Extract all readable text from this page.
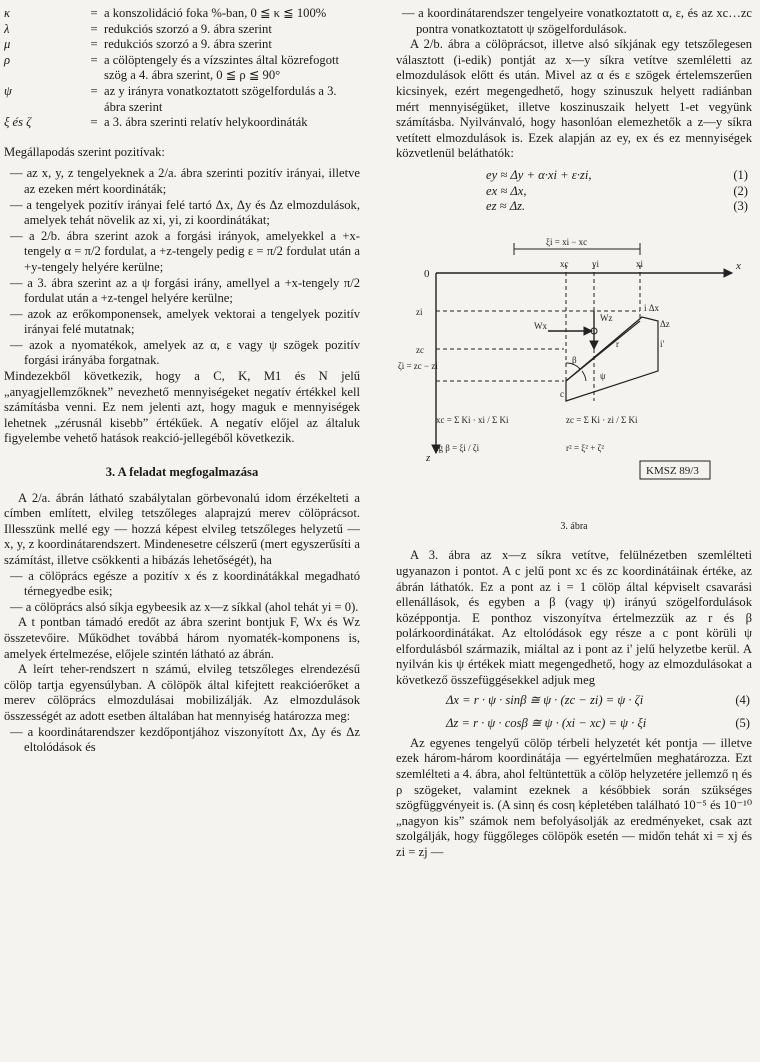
κ	= a konszolidáció foka %-ban, 0 ≦ κ ≦ 100%
λ	= redukciós szorzó a 9. ábra szerint
μ	= redukciós szorzó a 9. ábra szerint
ρ	= a cölöptengely és a vízszintes által közrefogott szög a 4. ábra szerint, 0 ≦ ρ ≦ 90°
ψ	= az y irányra vonatkoztatott szögelfordulás a 3. ábra szerint
ξ és ζ	= a 3. ábra szerinti relatív helykoordináták

Megállapodás szerint pozitívak:

— az x, y, z tengelyeknek a 2/a. ábra szerinti pozitív irányai, illetve az ezeken mért koordináták;
— a tengelyek pozitív irányai felé tartó Δx, Δy és Δz elmozdulások, amelyek tehát növelik az xi, yi, zi koordinátákat;
— a 2/b. ábra szerint azok a forgási irányok, amelyekkel a +x-tengely α = π/2 fordulat, a +z-tengely pedig ε = π/2 fordulat után a +y-tengely helyére kerülne;
— a 3. ábra szerint az a ψ forgási irány, amellyel a +x-tengely π/2 fordulat után a +z-tengel helyére kerülne;
— azok az erőkomponensek, amelyek vektorai a tengelyek pozitív irányai felé mutatnak;
— azok a nyomatékok, amelyek az α, ε vagy ψ szögek pozitív forgási irányába forgatnak.

Mindezekből következik, hogy a C, K, M1 és N jelű „anyagjellemzőknek” nevezhető mennyiségeket negatív értékkel kell számításba venni. Ez nem jelenti azt, hogy maguk e mennyiségek lehetnek „zérusnál kisebb” értékűek. A negatív előjel az általuk figyelembe vehető hatások reakció-jellegéből következik.

3. A feladat megfogalmazása

A 2/a. ábrán látható szabálytalan görbevonalú idom érzékelteti a címben említett, elvileg tetszőleges alaprajzú merev cölöprácsot. Illesszünk mellé egy — hozzá képest elvileg tetszőleges helyzetű — x, y, z koordinátarendszert. Mindenesetre célszerű (mert egyszerűsíti a számítást, illetve csökkenti a hibázás lehetőségét), ha

— a cölöprács egésze a pozitív x és z koordinátákkal megadható térnegyedbe esik;
— a cölöprács alsó síkja egybeesik az x—z síkkal (ahol tehát yi = 0).

A t pontban támadó eredőt az ábra szerint bontjuk F, Wx és Wz összetevőire. Működhet továbbá három nyomaték-komponens is, amelyek értelmezése, előjele szintén látható az ábrán.

A leírt teher-rendszert n számú, elvileg tetszőleges elrendezésű cölöp tartja egyensúlyban. A cölöpök által kifejtett reakcióerőket a merev cölöprács elmozdulásai mobilizálják. Az elmozdulások összességét az adott esetben általában hat mennyiség határozza meg:

— a koordinátarendszer kezdőpontjához viszonyított Δx, Δy és Δz eltolódások és
— a koordinátarendszer tengelyeire vonatkoztatott α, ε, és az xc…zc pontra vonatkoztatott ψ szögelfordulások.

A 2/b. ábra a cölöprácsot, illetve alsó síkjának egy tetszőlegesen választott (i-edik) pontját az x—y síkra vetítve szemléletti az elmozdulások előtt és után. Mivel az α és ε szögek értelemszerűen kicsinyek, ezért megengedhető, hogy szinuszuk helyett radiánban mért mennyiségüket, illetve koszinuszaik helyett 1-et vegyünk számításba. Nyilvánvaló, hogy hasonlóan elemezhetők a z—y síkra vetített elmozdulások is. Ezek alapján az ey, ex és ez mennyiségek közvetlenül beláthatók:

ey ≈ Δy + α·xi + ε·zi,	(1)
ex ≈ Δx,	(2)
ez ≈ Δz.	(3)
ξi = xi − xc
x
z
0
xc	yi	xi
zi
zc
ζi = zc − zi
Wz
Wx
i Δx
Δz
i'
β
ψ
r
c
xc = Σ Ki · xi / Σ Ki	zc = Σ Ki · zi / Σ Ki
tg β = ξi / ζi	r² = ξ² + ζ²
KMSZ 89/3
3. ábra

A 3. ábra az x—z síkra vetítve, felülnézetben szemlélteti ugyanazon i pontot. A c jelű pont xc és zc koordinátáinak értéke, az ábrán láthatók. Ez a pont az i = 1 cölöp által képviselt csavarási ellenállások, és egyben a β (vagy ψ) irányú szögelfordulások középpontja. E ponthoz viszonyítva értelmezzük az r és β polárkoordinátákat. Az eltolódások egy része a c pont körüli ψ elfordulásból származik, miáltal az i pont az i' jelű helyzetbe kerül. A nyilván kis ψ értékek miatt megengedhető, hogy az elmozdulásokat a következő összefüggésekkel adjuk meg

Δx = r · ψ · sinβ ≅ ψ · (zc − zi) = ψ · ζi	(4)
Δz = r · ψ · cosβ ≅ ψ · (xi − xc) = ψ · ξi	(5)

Az egyenes tengelyű cölöp térbeli helyzetét két pontja — illetve ezek három-három koordinátája — egyértelműen meghatározza. Ezt szemlélteti a 4. ábra, ahol feltüntettük a cölöp helyzetére jellemző η és ρ szögeket, valamint ezeknek a későbbiek során szükséges szögfüggvényeit is. (A sinη és cosη képletében található 10⁻⁵ és 10⁻¹⁰ „nagyon kis” számok nem befolyásolják az eredményeket, csak azt szolgálják, hogy függőleges cölöpök esetén — midőn tehát xi = xj és zi = zj —
